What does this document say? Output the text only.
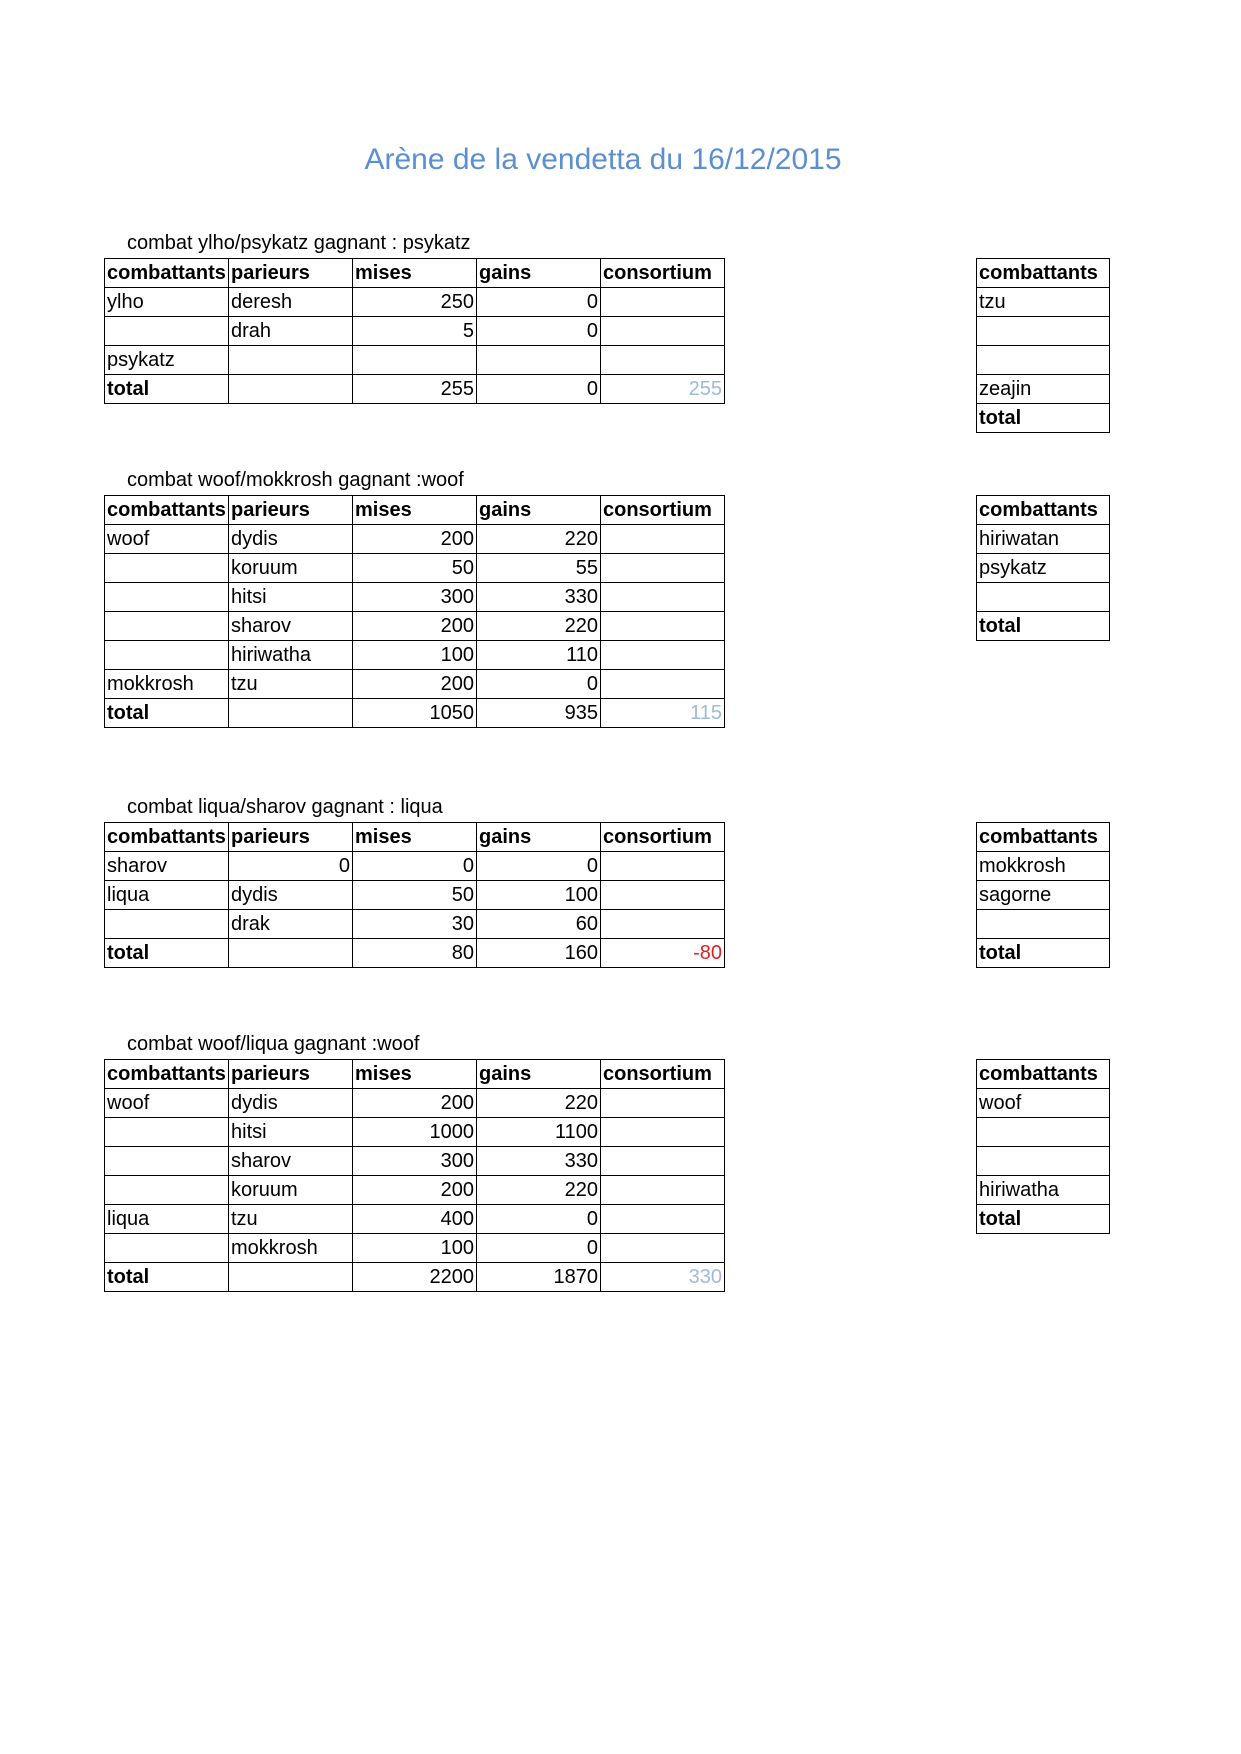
Arène de la vendetta du 16/12/2015
combat ylho/psykatz gagnant : psykatz
combattants	parieurs	mises	gains	consortium
ylho	deresh	250	0	
	drah	5	0	
psykatz				
total		255	0	255
combattants
tzu

zeajin
total
combat woof/mokkrosh gagnant :woof
combattants	parieurs	mises	gains	consortium
woof	dydis	200	220	
	koruum	50	55	
	hitsi	300	330	
	sharov	200	220	
	hiriwatha	100	110	
mokkrosh	tzu	200	0	
total		1050	935	115
combattants
hiriwatan
psykatz

total
combat liqua/sharov gagnant : liqua
combattants	parieurs	mises	gains	consortium
sharov	0	0	0	
liqua	dydis	50	100	
	drak	30	60	
total		80	160	-80
combattants
mokkrosh
sagorne

total
combat woof/liqua gagnant :woof
combattants	parieurs	mises	gains	consortium
woof	dydis	200	220	
	hitsi	1000	1100	
	sharov	300	330	
	koruum	200	220	
liqua	tzu	400	0	
	mokkrosh	100	0	
total		2200	1870	330
combattants
woof

hiriwatha
total
